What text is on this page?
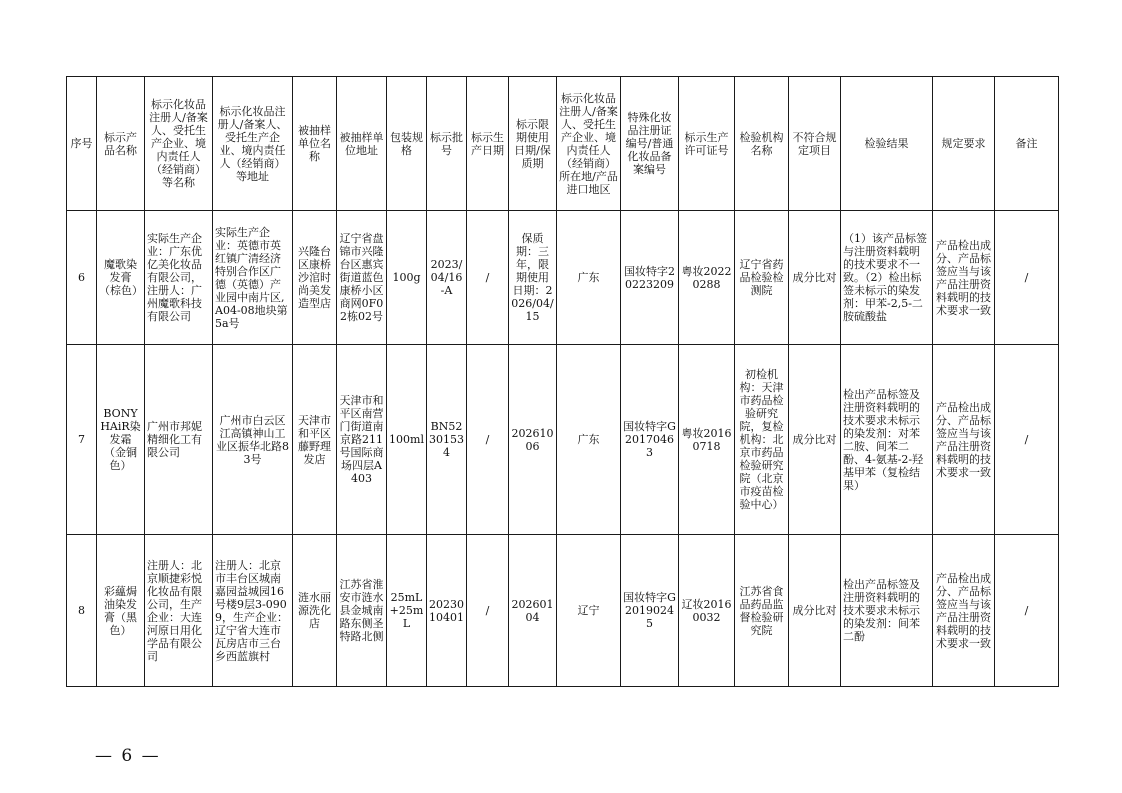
序号	标示产品名称	标示化妆品注册人/备案人、受托生产企业、境内责任人（经销商）等名称	标示化妆品注册人/备案人、受托生产企业、境内责任人（经销商）等地址	被抽样单位名称	被抽样单位地址	包装规格	标示批号	标示生产日期	标示限期使用日期/保质期	标示化妆品注册人/备案人、受托生产企业、境内责任人（经销商）所在地/产品进口地区	特殊化妆品注册证编号/普通化妆品备案编号	标示生产许可证号	检验机构名称	不符合规定项目	检验结果	规定要求	备注
6	魔歌染发膏（棕色）	实际生产企业：广东优亿美化妆品有限公司，注册人：广州魔歌科技有限公司	实际生产企业：英德市英红镇广清经济特别合作区广德（英德）产业园中南片区,A04-08地块第5a号	兴隆台区康桥沙涫时尚美发造型店	辽宁省盘锦市兴隆台区惠宾街道蓝色康桥小区商网0F02栋02号	100g	2023/04/16-A	/	保质期：三年，限期使用日期：2026/04/15	广东	国妆特字20223209	粤妆20220288	辽宁省药品检验检测院	成分比对	（1）该产品标签与注册资料载明的技术要求不一致。（2）检出标签未标示的染发剂：甲苯-2,5-二胺硫酸盐	产品检出成分、产品标签应当与该产品注册资料载明的技术要求一致	/
7	BONY HAiR染发霜（金铜色）	广州市邦妮精细化工有限公司	广州市白云区江高镇神山工业区振华北路83号	天津市和平区藤野理发店	天津市和平区南营门街道南京路211号国际商场四层A403	100ml	BN52301534	/	20261006	广东	国妆特字G20170463	粤妆20160718	初检机构：天津市药品检验研究院，复检机构：北京市药品检验研究院（北京市疫苗检验中心）	成分比对	检出产品标签及注册资料载明的技术要求未标示的染发剂：对苯二胺、间苯二酚、4-氨基-2-羟基甲苯（复检结果）	产品检出成分、产品标签应当与该产品注册资料载明的技术要求一致	/
8	彩蘊焗油染发膏（黑色）	注册人：北京顺捷彩悦化妆品有限公司，生产企业：大连河原日用化学品有限公司	注册人：北京市丰台区城南嘉园益城园16号楼9层3-0909，生产企业：辽宁省大连市瓦房店市三台乡西蓝旗村	涟水丽源洗化店	江苏省淮安市涟水县金城南路东侧圣特路北侧	25mL+25mL	2023010401	/	20260104	辽宁	国妆特字G20190245	辽妆20160032	江苏省食品药品监督检验研究院	成分比对	检出产品标签及注册资料载明的技术要求未标示的染发剂：间苯二酚	产品检出成分、产品标签应当与该产品注册资料载明的技术要求一致	/
— 6 —
